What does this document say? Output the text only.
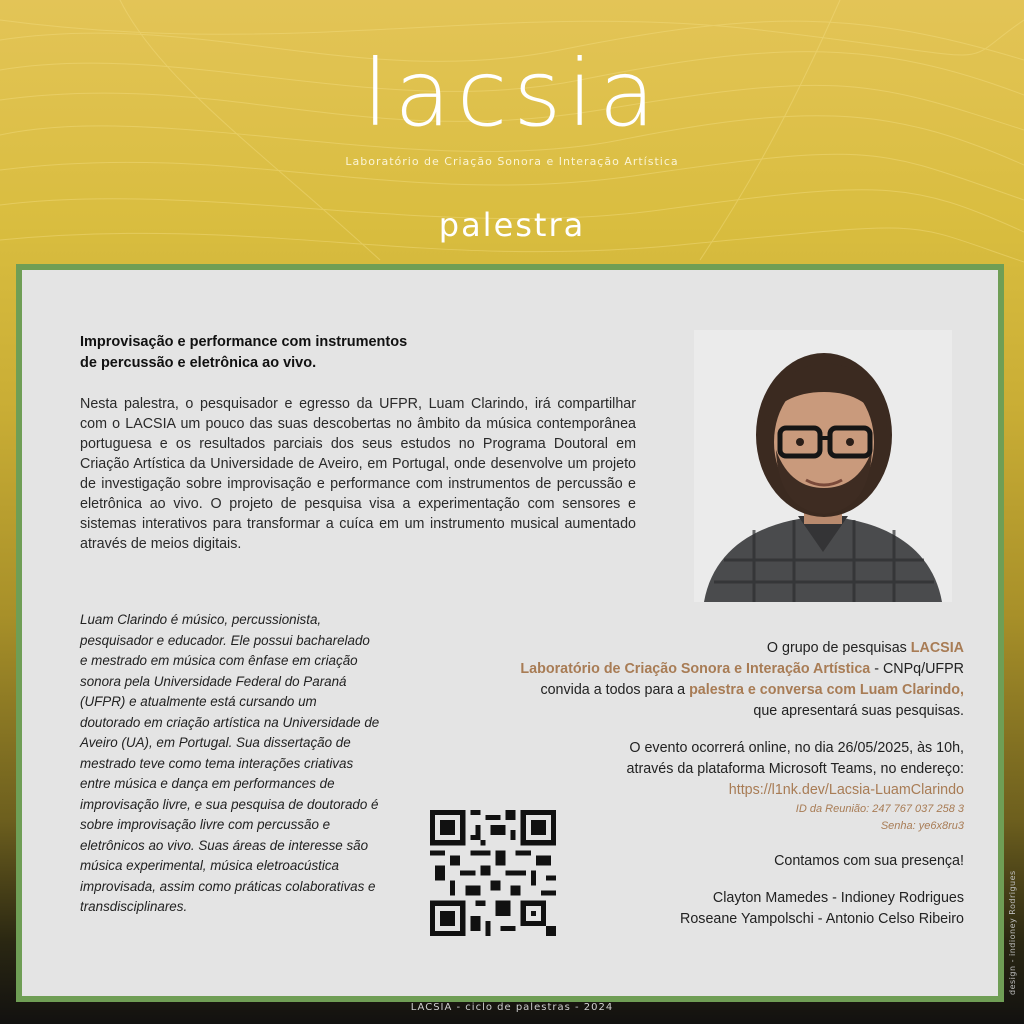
lacsia
Laboratório de Criação Sonora e Interação Artística
palestra
Improvisação e performance com instrumentos
de percussão e eletrônica ao vivo.
Nesta palestra, o pesquisador e egresso da UFPR, Luam Clarindo, irá compartilhar com o LACSIA um pouco das suas descobertas no âmbito da música contemporânea portuguesa e os resultados parciais dos seus estudos no Programa Doutoral em Criação Artística da Universidade de Aveiro, em Portugal, onde desenvolve um projeto de investigação sobre improvisação e performance com instrumentos de percussão e eletrônica ao vivo. O projeto de pesquisa visa a experimentação com sensores e sistemas interativos para transformar a cuíca em um instrumento musical aumentado através de meios digitais.
Luam Clarindo é músico, percussionista, pesquisador e educador. Ele possui bacharelado e mestrado em música com ênfase em criação sonora pela Universidade Federal do Paraná (UFPR) e atualmente está cursando um doutorado em criação artística na Universidade de Aveiro (UA), em Portugal. Sua dissertação de mestrado teve como tema interações criativas entre música e dança em performances de improvisação livre, e sua pesquisa de doutorado é sobre improvisação livre com percussão e eletrônicos ao vivo. Suas áreas de interesse são música experimental, música eletroacústica improvisada, assim como práticas colaborativas e transdisciplinares.
O grupo de pesquisas LACSIA
Laboratório de Criação Sonora e Interação Artística - CNPq/UFPR
convida a todos para a palestra e conversa com Luam Clarindo,
que apresentará suas pesquisas.
O evento ocorrerá online, no dia 26/05/2025, às 10h,
através da plataforma Microsoft Teams, no endereço:
https://l1nk.dev/Lacsia-LuamClarindo
ID da Reunião: 247 767 037 258 3
Senha: ye6x8ru3
Contamos com sua presença!
Clayton Mamedes - Indioney Rodrigues
Roseane Yampolschi - Antonio Celso Ribeiro
LACSIA - ciclo de palestras - 2024
design - indioney Rodrigues
